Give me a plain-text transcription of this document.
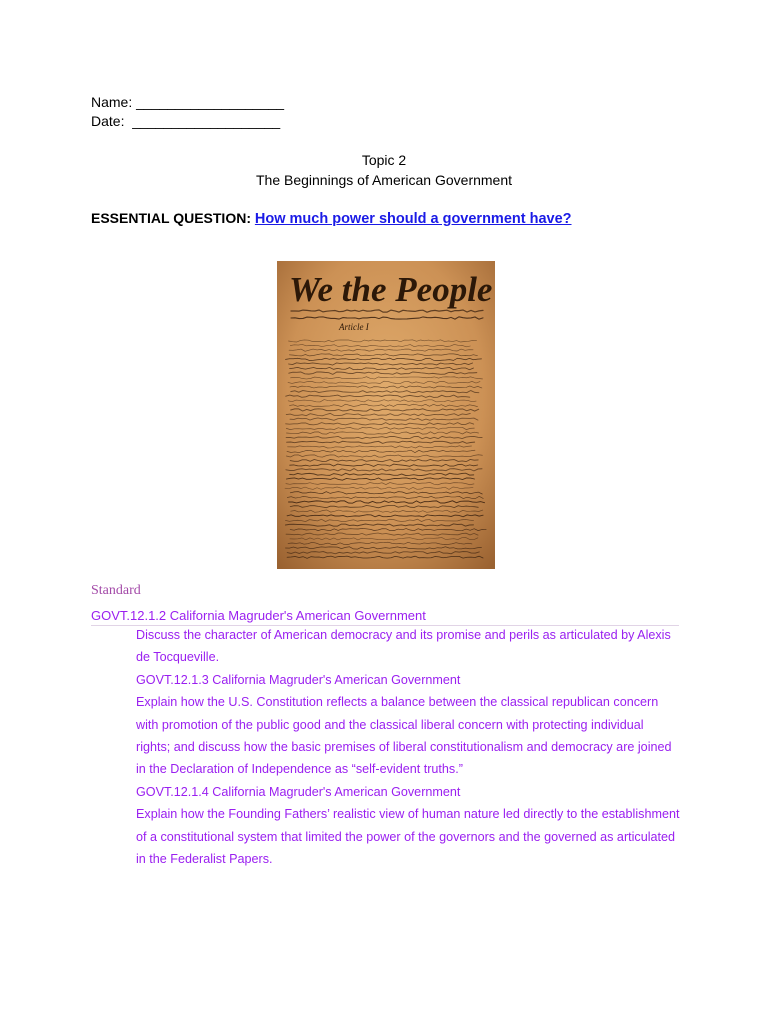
Name: ___________________
Date:  ___________________
Topic 2
The Beginnings of American Government
ESSENTIAL QUESTION: How much power should a government have?
We the People
Article I
Standard
GOVT.12.1.2 California Magruder's American Government

Discuss the character of American democracy and its promise and perils as articulated by Alexis

de Tocqueville.

GOVT.12.1.3 California Magruder's American Government

Explain how the U.S. Constitution reflects a balance between the classical republican concern

with promotion of the public good and the classical liberal concern with protecting individual

rights; and discuss how the basic premises of liberal constitutionalism and democracy are joined

in the Declaration of Independence as “self-evident truths.”

GOVT.12.1.4 California Magruder's American Government

Explain how the Founding Fathers’ realistic view of human nature led directly to the establishment

of a constitutional system that limited the power of the governors and the governed as articulated

in the Federalist Papers.
